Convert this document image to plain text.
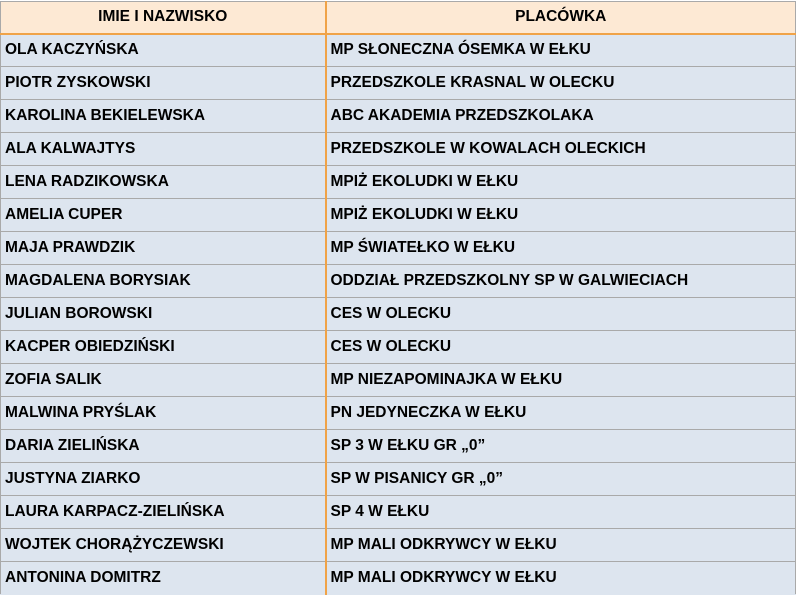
IMIE I NAZWISKO	PLACÓWKA
OLA KACZYŃSKA	MP SŁONECZNA ÓSEMKA W EŁKU
PIOTR ZYSKOWSKI	PRZEDSZKOLE KRASNAL W OLECKU
KAROLINA BEKIELEWSKA	ABC AKADEMIA PRZEDSZKOLAKA
ALA KALWAJTYS	PRZEDSZKOLE W KOWALACH OLECKICH
LENA RADZIKOWSKA	MPIŻ EKOLUDKI W EŁKU
AMELIA CUPER	MPIŻ EKOLUDKI W EŁKU
MAJA PRAWDZIK	MP ŚWIATEŁKO W EŁKU
MAGDALENA BORYSIAK	ODDZIAŁ PRZEDSZKOLNY SP W GALWIECIACH
JULIAN BOROWSKI	CES W OLECKU
KACPER OBIEDZIŃSKI	CES W OLECKU
ZOFIA SALIK	MP NIEZAPOMINAJKA W EŁKU
MALWINA PRYŚLAK	PN JEDYNECZKA W EŁKU
DARIA ZIELIŃSKA	SP 3 W EŁKU GR „0”
JUSTYNA ZIARKO	SP W PISANICY GR „0”
LAURA KARPACZ-ZIELIŃSKA	SP 4 W EŁKU
WOJTEK CHORĄŻYCZEWSKI	MP MALI ODKRYWCY W EŁKU
ANTONINA DOMITRZ	MP MALI ODKRYWCY W EŁKU
